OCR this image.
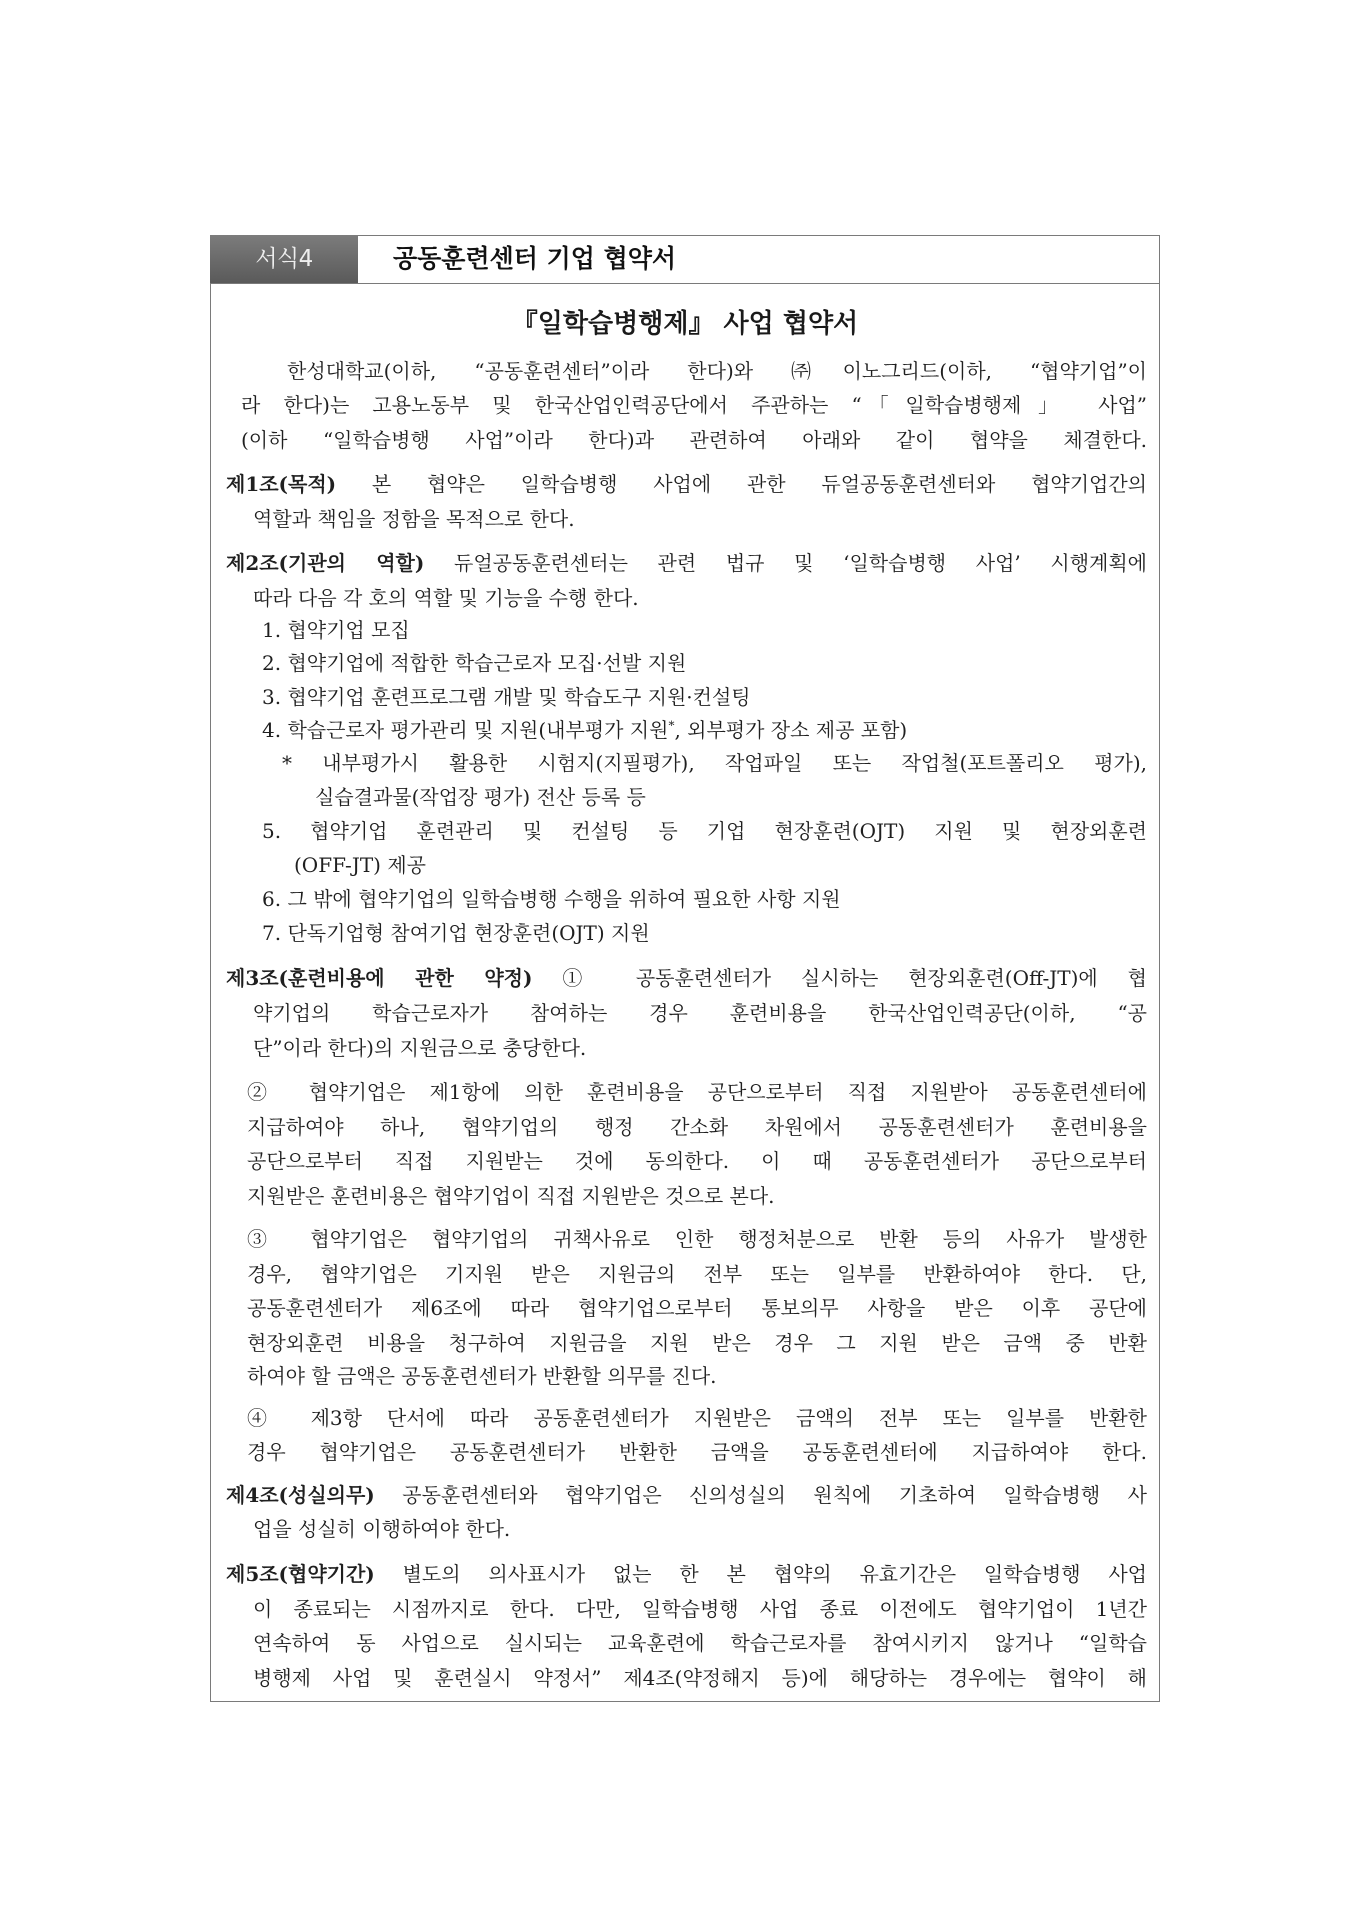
서식4	공동훈련센터 기업 협약서
『일학습병행제』 사업 협약서
한성대학교(이하, “공동훈련센터”이라 한다)와 ㈜이노그리드(이하, “협약기업”이
라 한다)는 고용노동부 및 한국산업인력공단에서 주관하는 “「일학습병행제」 사업”
(이하 “일학습병행 사업”이라 한다)과 관련하여 아래와 같이 협약을 체결한다.
제1조(목적) 본 협약은 일학습병행 사업에 관한 듀얼공동훈련센터와 협약기업간의
역할과 책임을 정함을 목적으로 한다.
제2조(기관의 역할) 듀얼공동훈련센터는 관련 법규 및 ‘일학습병행 사업’ 시행계획에
따라 다음 각 호의 역할 및 기능을 수행 한다.
1. 협약기업 모집
2. 협약기업에 적합한 학습근로자 모집·선발 지원
3. 협약기업 훈련프로그램 개발 및 학습도구 지원·컨설팅
4. 학습근로자 평가관리 및 지원(내부평가 지원*, 외부평가 장소 제공 포함)
* 내부평가시 활용한 시험지(지필평가), 작업파일 또는 작업철(포트폴리오 평가),
실습결과물(작업장 평가) 전산 등록 등
5. 협약기업 훈련관리 및 컨설팅 등 기업 현장훈련(OJT) 지원 및 현장외훈련
(OFF-JT) 제공
6. 그 밖에 협약기업의 일학습병행 수행을 위하여 필요한 사항 지원
7. 단독기업형 참여기업 현장훈련(OJT) 지원
제3조(훈련비용에 관한 약정) ① 공동훈련센터가 실시하는 현장외훈련(Off-JT)에 협
약기업의 학습근로자가 참여하는 경우 훈련비용을 한국산업인력공단(이하, “공
단”이라 한다)의 지원금으로 충당한다.
② 협약기업은 제1항에 의한 훈련비용을 공단으로부터 직접 지원받아 공동훈련센터에
지급하여야 하나, 협약기업의 행정 간소화 차원에서 공동훈련센터가 훈련비용을
공단으로부터 직접 지원받는 것에 동의한다. 이 때 공동훈련센터가 공단으로부터
지원받은 훈련비용은 협약기업이 직접 지원받은 것으로 본다.
③ 협약기업은 협약기업의 귀책사유로 인한 행정처분으로 반환 등의 사유가 발생한
경우, 협약기업은 기지원 받은 지원금의 전부 또는 일부를 반환하여야 한다. 단,
공동훈련센터가 제6조에 따라 협약기업으로부터 통보의무 사항을 받은 이후 공단에
현장외훈련 비용을 청구하여 지원금을 지원 받은 경우 그 지원 받은 금액 중 반환
하여야 할 금액은 공동훈련센터가 반환할 의무를 진다.
④ 제3항 단서에 따라 공동훈련센터가 지원받은 금액의 전부 또는 일부를 반환한
경우 협약기업은 공동훈련센터가 반환한 금액을 공동훈련센터에 지급하여야 한다.
제4조(성실의무) 공동훈련센터와 협약기업은 신의성실의 원칙에 기초하여 일학습병행 사
업을 성실히 이행하여야 한다.
제5조(협약기간) 별도의 의사표시가 없는 한 본 협약의 유효기간은 일학습병행 사업
이 종료되는 시점까지로 한다. 다만, 일학습병행 사업 종료 이전에도 협약기업이 1년간
연속하여 동 사업으로 실시되는 교육훈련에 학습근로자를 참여시키지 않거나 “일학습
병행제 사업 및 훈련실시 약정서” 제4조(약정해지 등)에 해당하는 경우에는 협약이 해
